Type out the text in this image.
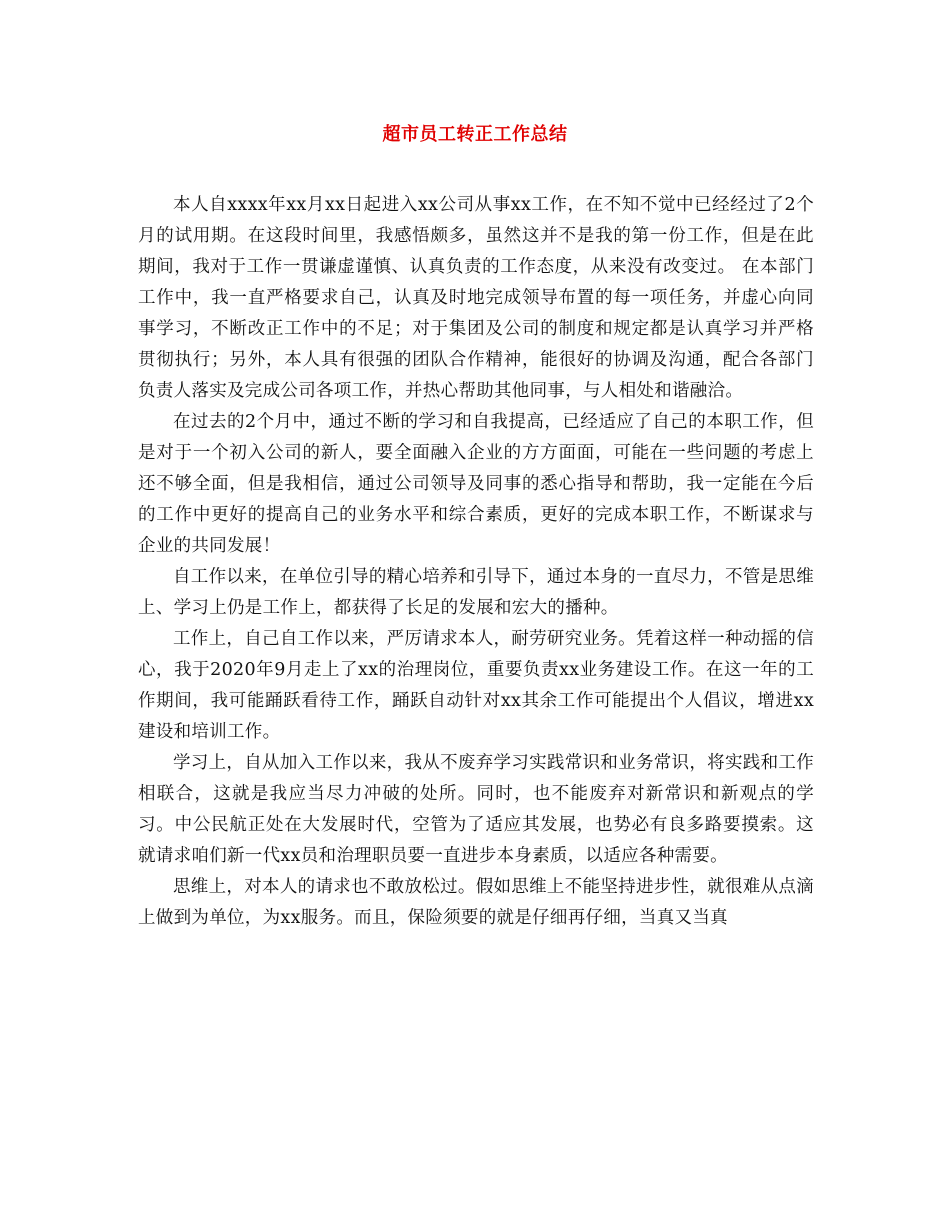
超市员工转正工作总结

本人自xxxx年xx月xx日起进入xx公司从事xx工作，在不知不觉中已经经过了2个月的试用期。在这段时间里，我感悟颇多，虽然这并不是我的第一份工作，但是在此期间，我对于工作一贯谦虚谨慎、认真负责的工作态度，从来没有改变过。 在本部门工作中，我一直严格要求自己，认真及时地完成领导布置的每一项任务，并虚心向同事学习，不断改正工作中的不足；对于集团及公司的制度和规定都是认真学习并严格贯彻执行；另外，本人具有很强的团队合作精神，能很好的协调及沟通，配合各部门负责人落实及完成公司各项工作，并热心帮助其他同事，与人相处和谐融洽。

在过去的2个月中，通过不断的学习和自我提高，已经适应了自己的本职工作，但是对于一个初入公司的新人，要全面融入企业的方方面面，可能在一些问题的考虑上还不够全面，但是我相信，通过公司领导及同事的悉心指导和帮助，我一定能在今后的工作中更好的提高自己的业务水平和综合素质，更好的完成本职工作，不断谋求与企业的共同发展！

自工作以来，在单位引导的精心培养和引导下，通过本身的一直尽力，不管是思维上、学习上仍是工作上，都获得了长足的发展和宏大的播种。

工作上，自己自工作以来，严厉请求本人，耐劳研究业务。凭着这样一种动摇的信心，我于2020年9月走上了xx的治理岗位，重要负责xx业务建设工作。在这一年的工作期间，我可能踊跃看待工作，踊跃自动针对xx其余工作可能提出个人倡议，增进xx建设和培训工作。

学习上，自从加入工作以来，我从不废弃学习实践常识和业务常识，将实践和工作相联合，这就是我应当尽力冲破的处所。同时，也不能废弃对新常识和新观点的学习。中公民航正处在大发展时代，空管为了适应其发展，也势必有良多路要摸索。这就请求咱们新一代xx员和治理职员要一直进步本身素质，以适应各种需要。

思维上，对本人的请求也不敢放松过。假如思维上不能坚持进步性，就很难从点滴上做到为单位，为xx服务。而且，保险须要的就是仔细再仔细，当真又当真
